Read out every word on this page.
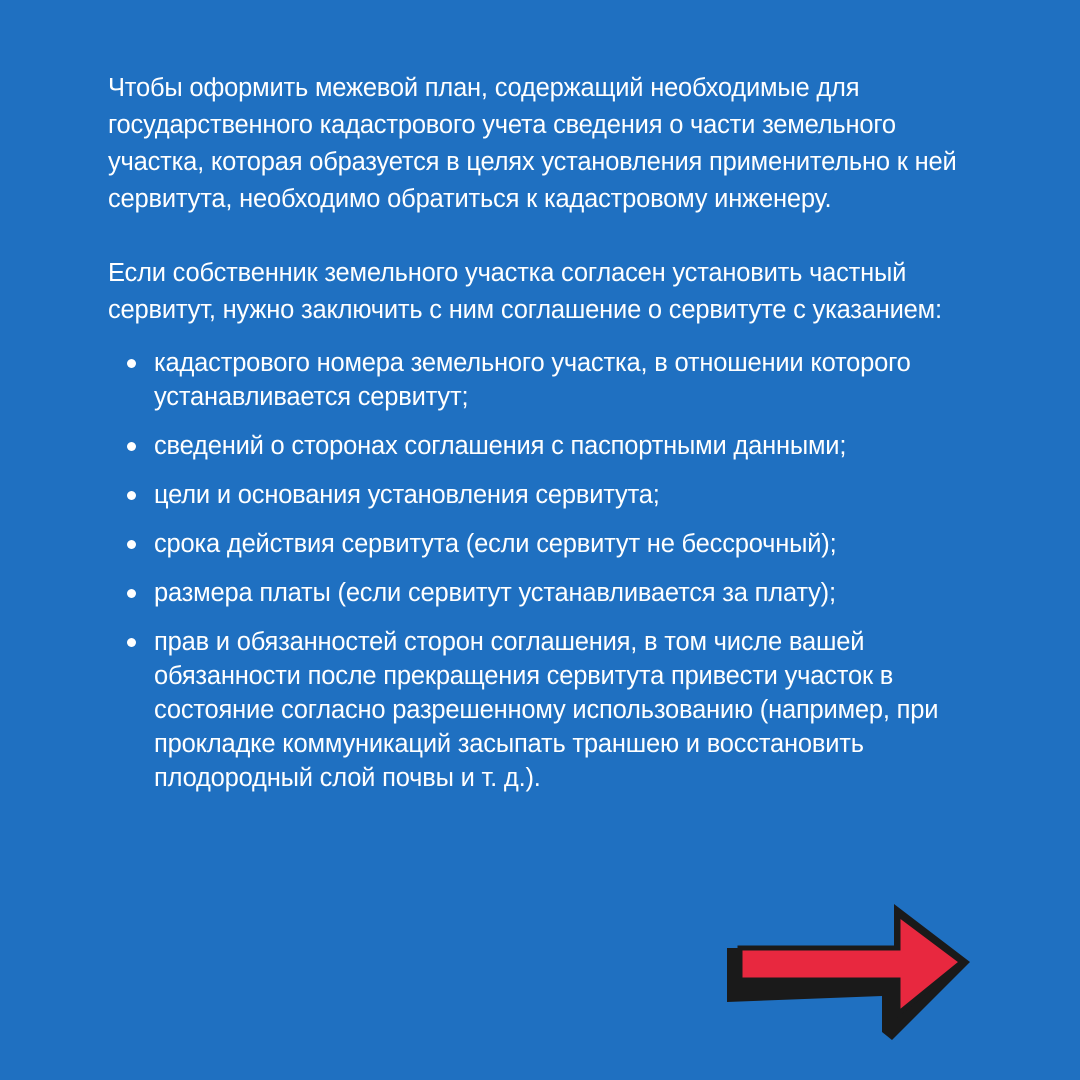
Чтобы оформить межевой план, содержащий необходимые для государственного кадастрового учета сведения о части земельного участка, которая образуется в целях установления применительно к ней сервитута, необходимо обратиться к кадастровому инженеру.

Если собственник земельного участка согласен установить частный сервитут, нужно заключить с ним соглашение о сервитуте с указанием:

кадастрового номера земельного участка, в отношении которого устанавливается сервитут;
сведений о сторонах соглашения с паспортными данными;
цели и основания установления сервитута;
срока действия сервитута (если сервитут не бессрочный);
размера платы (если сервитут устанавливается за плату);
прав и обязанностей сторон соглашения, в том числе вашей обязанности после прекращения сервитута привести участок в состояние согласно разрешенному использованию (например, при прокладке коммуникаций засыпать траншею и восстановить плодородный слой почвы и т. д.).
